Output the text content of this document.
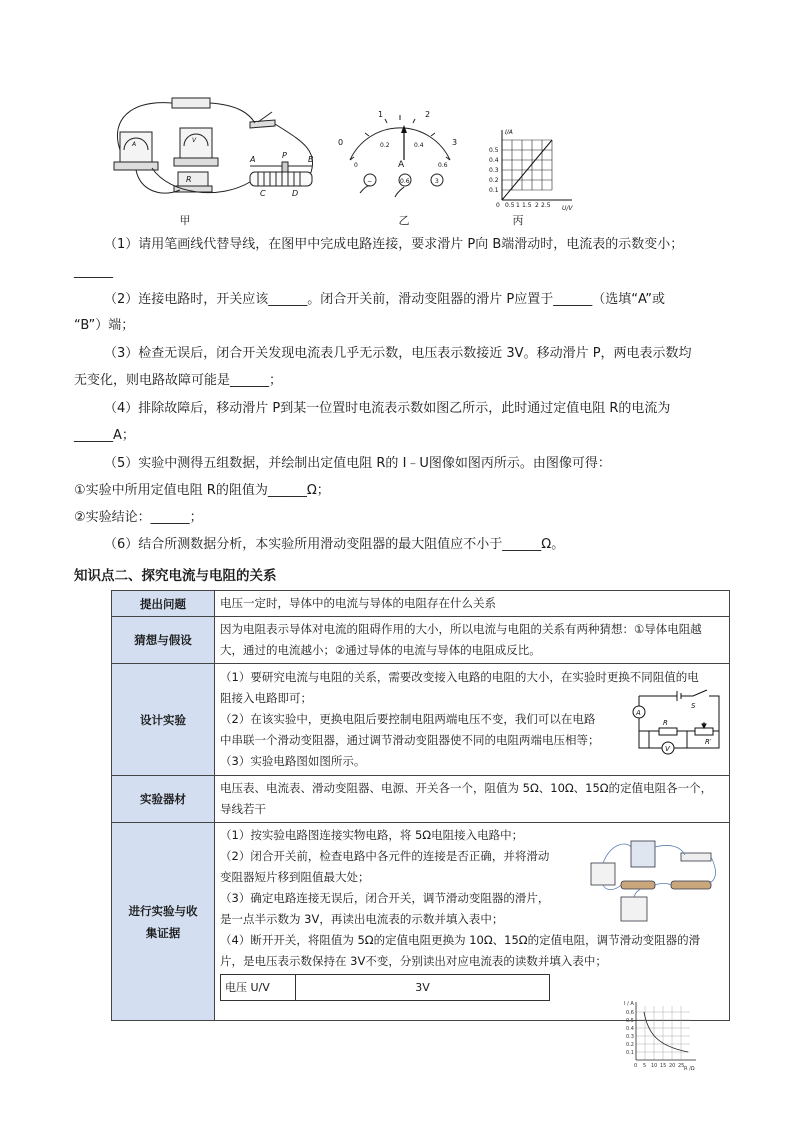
A	P	B
C	D
R
A
V
甲
0
1	2
3
0
0.2	0.4
0.6
A
−	0.6	3
乙
I/A
U/V
0.5
0.4
0.3
0.2
0.1
0 0.5 1 1.5 2 2.5
丙
（1）请用笔画线代替导线，在图甲中完成电路连接，要求滑片 P向 B端滑动时，电流表的示数变小；
______
（2）连接电路时，开关应该______。闭合开关前，滑动变阻器的滑片 P应置于______（选填“A”或
“B”）端；
（3）检查无误后，闭合开关发现电流表几乎无示数，电压表示数接近 3V。移动滑片 P，两电表示数均
无变化，则电路故障可能是______；
（4）排除故障后，移动滑片 P到某一位置时电流表示数如图乙所示，此时通过定值电阻 R的电流为
______A；
（5）实验中测得五组数据，并绘制出定值电阻 R的 I﹣U图像如图丙所示。由图像可得：
①实验中所用定值电阻 R的阻值为______Ω；
②实验结论：______；
（6）结合所测数据分析，本实验所用滑动变阻器的最大阻值应不小于______Ω。
知识点二、探究电流与电阻的关系
提出问题	电压一定时，导体中的电流与导体的电阻存在什么关系

猜想与假设	
因为电阻表示导体对电流的阻碍作用的大小，所以电流与电阻的关系有两种猜想：①导体电阻越
大，通过的电流越小；②通过导体的电流与导体的电阻成反比。

设计实验	
（1）要研究电流与电阻的关系，需要改变接入电路的电阻的大小，在实验时更换不同阻值的电
阻接入电路即可；
（2）在该实验中，更换电阻后要控制电阻两端电压不变，我们可以在电路
中串联一个滑动变阻器，通过调节滑动变阻器使不同的电阻两端电压相等；
（3）实验电路图如图所示。
A
S
R
R′
V

实验器材	
电压表、电流表、滑动变阻器、电源、开关各一个，阻值为 5Ω、10Ω、15Ω的定值电阻各一个，
导线若干

进行实验与收集证据	
（1）按实验电路图连接实物电路，将 5Ω电阻接入电路中；
（2）闭合开关前，检查电路中各元件的连接是否正确，并将滑动
变阻器短片移到阻值最大处；
（3）确定电路连接无误后，闭合开关，调节滑动变阻器的滑片，
是一点半示数为 3V，再读出电流表的示数并填入表中；
（4）断开开关，将阻值为 5Ω的定值电阻更换为 10Ω、15Ω的定值电阻，调节滑动变阻器的滑
片，是电压表示数保持在 3V不变，分别读出对应电流表的读数并填入表中；
电压 U/V	3V
I / A
R /Ω
0.6
0.5
0.4
0.3
0.2
0.1
0 5 10 15 20 25
